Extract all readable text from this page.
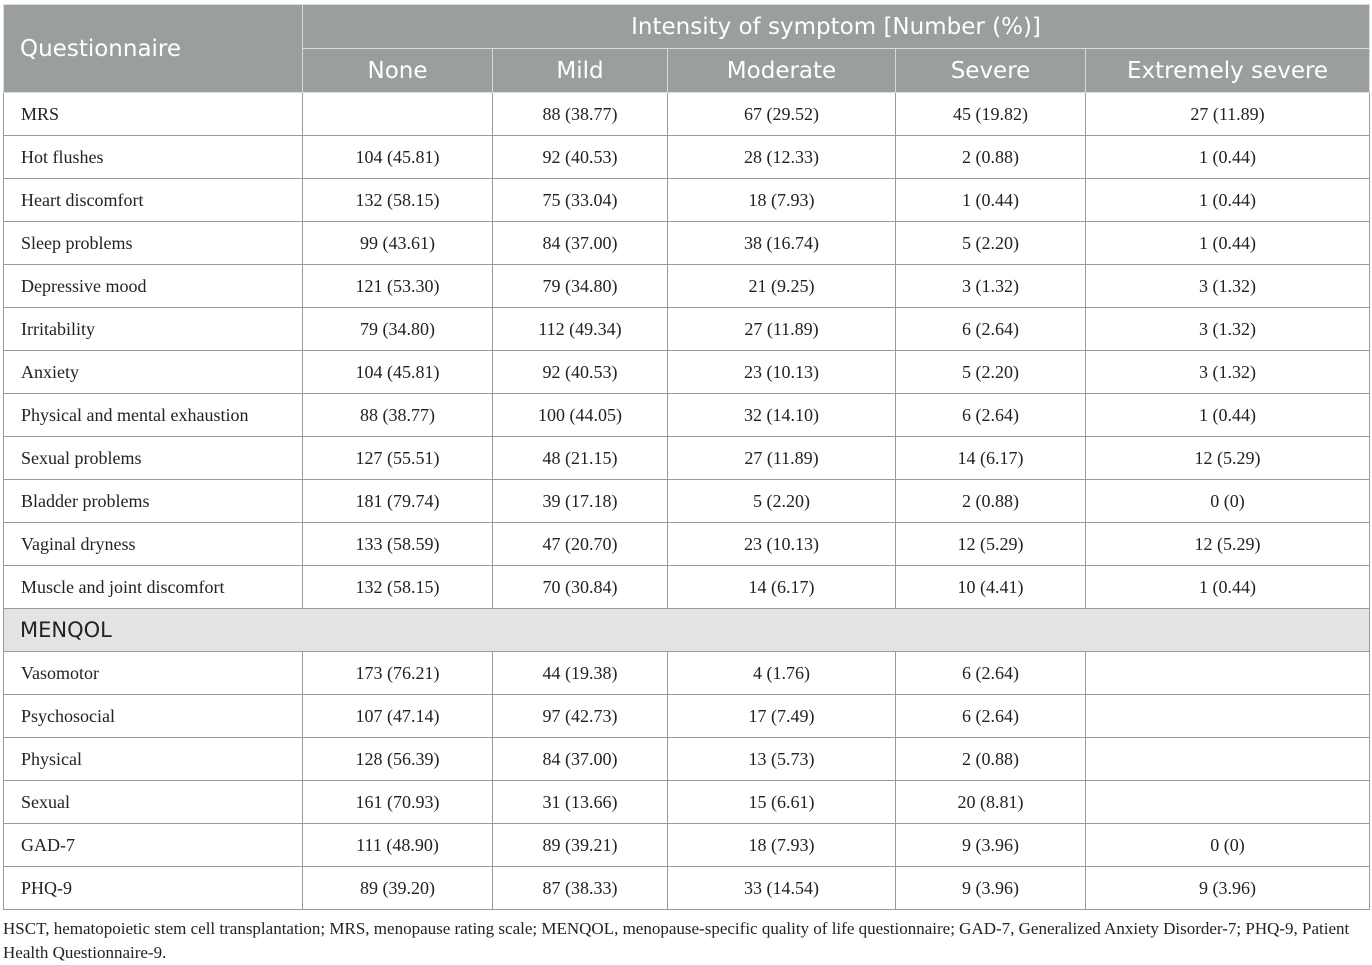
Questionnaire	Intensity of symptom [Number (%)]				
	None	Mild	Moderate	Severe	Extremely severe
MRS		88 (38.77)	67 (29.52)	45 (19.82)	27 (11.89)
Hot flushes	104 (45.81)	92 (40.53)	28 (12.33)	2 (0.88)	1 (0.44)
Heart discomfort	132 (58.15)	75 (33.04)	18 (7.93)	1 (0.44)	1 (0.44)
Sleep problems	99 (43.61)	84 (37.00)	38 (16.74)	5 (2.20)	1 (0.44)
Depressive mood	121 (53.30)	79 (34.80)	21 (9.25)	3 (1.32)	3 (1.32)
Irritability	79 (34.80)	112 (49.34)	27 (11.89)	6 (2.64)	3 (1.32)
Anxiety	104 (45.81)	92 (40.53)	23 (10.13)	5 (2.20)	3 (1.32)
Physical and mental exhaustion	88 (38.77)	100 (44.05)	32 (14.10)	6 (2.64)	1 (0.44)
Sexual problems	127 (55.51)	48 (21.15)	27 (11.89)	14 (6.17)	12 (5.29)
Bladder problems	181 (79.74)	39 (17.18)	5 (2.20)	2 (0.88)	0 (0)
Vaginal dryness	133 (58.59)	47 (20.70)	23 (10.13)	12 (5.29)	12 (5.29)
Muscle and joint discomfort	132 (58.15)	70 (30.84)	14 (6.17)	10 (4.41)	1 (0.44)
MENQOL					
Vasomotor	173 (76.21)	44 (19.38)	4 (1.76)	6 (2.64)	
Psychosocial	107 (47.14)	97 (42.73)	17 (7.49)	6 (2.64)	
Physical	128 (56.39)	84 (37.00)	13 (5.73)	2 (0.88)	
Sexual	161 (70.93)	31 (13.66)	15 (6.61)	20 (8.81)	
GAD-7	111 (48.90)	89 (39.21)	18 (7.93)	9 (3.96)	0 (0)
PHQ-9	89 (39.20)	87 (38.33)	33 (14.54)	9 (3.96)	9 (3.96)

HSCT, hematopoietic stem cell transplantation; MRS, menopause rating scale; MENQOL, menopause-specific quality of life questionnaire; GAD-7, Generalized Anxiety Disorder-7; PHQ-9, Patient Health Questionnaire-9.
